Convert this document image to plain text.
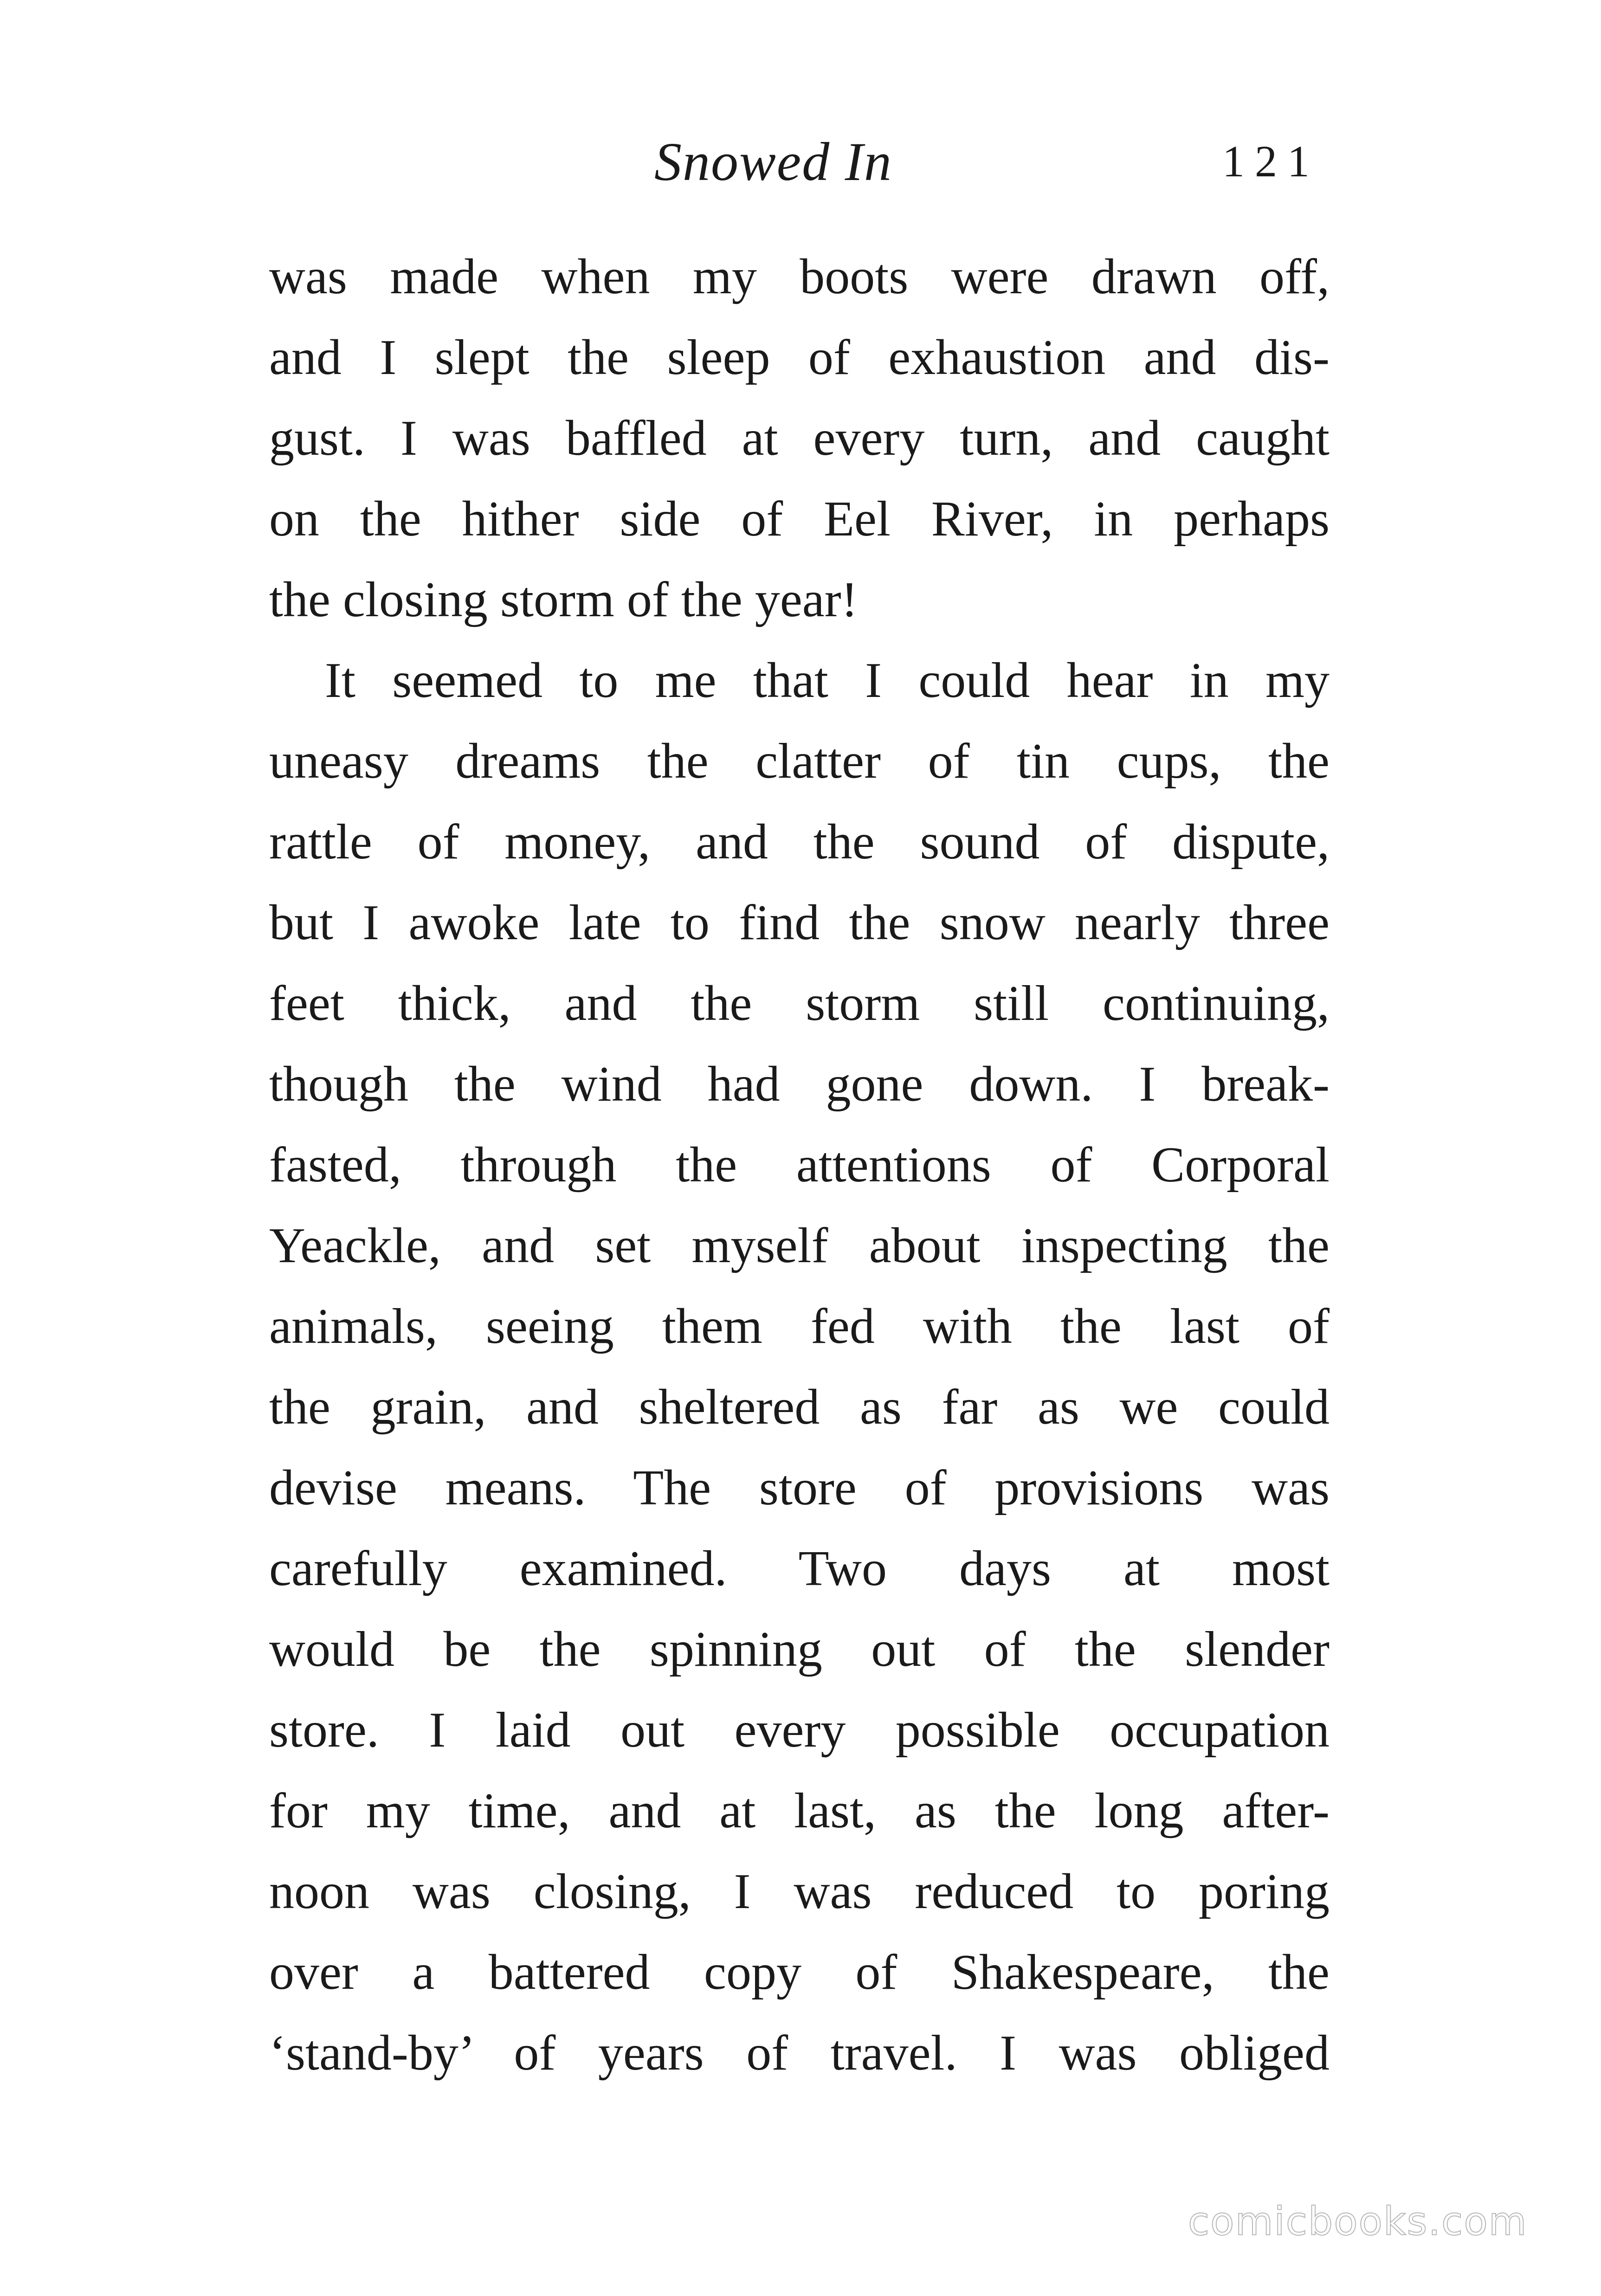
Snowed In	121
was made when my boots were drawn off,
and I slept the sleep of exhaustion and dis-
gust. I was baffled at every turn, and caught
on the hither side of Eel River, in perhaps
the closing storm of the year!
It seemed to me that I could hear in my
uneasy dreams the clatter of tin cups, the
rattle of money, and the sound of dispute,
but I awoke late to find the snow nearly three
feet thick, and the storm still continuing,
though the wind had gone down. I break-
fasted, through the attentions of Corporal
Yeackle, and set myself about inspecting the
animals, seeing them fed with the last of
the grain, and sheltered as far as we could
devise means. The store of provisions was
carefully examined. Two days at most
would be the spinning out of the slender
store. I laid out every possible occupation
for my time, and at last, as the long after-
noon was closing, I was reduced to poring
over a battered copy of Shakespeare, the
‘stand-by’ of years of travel. I was obliged
comicbooks.com
